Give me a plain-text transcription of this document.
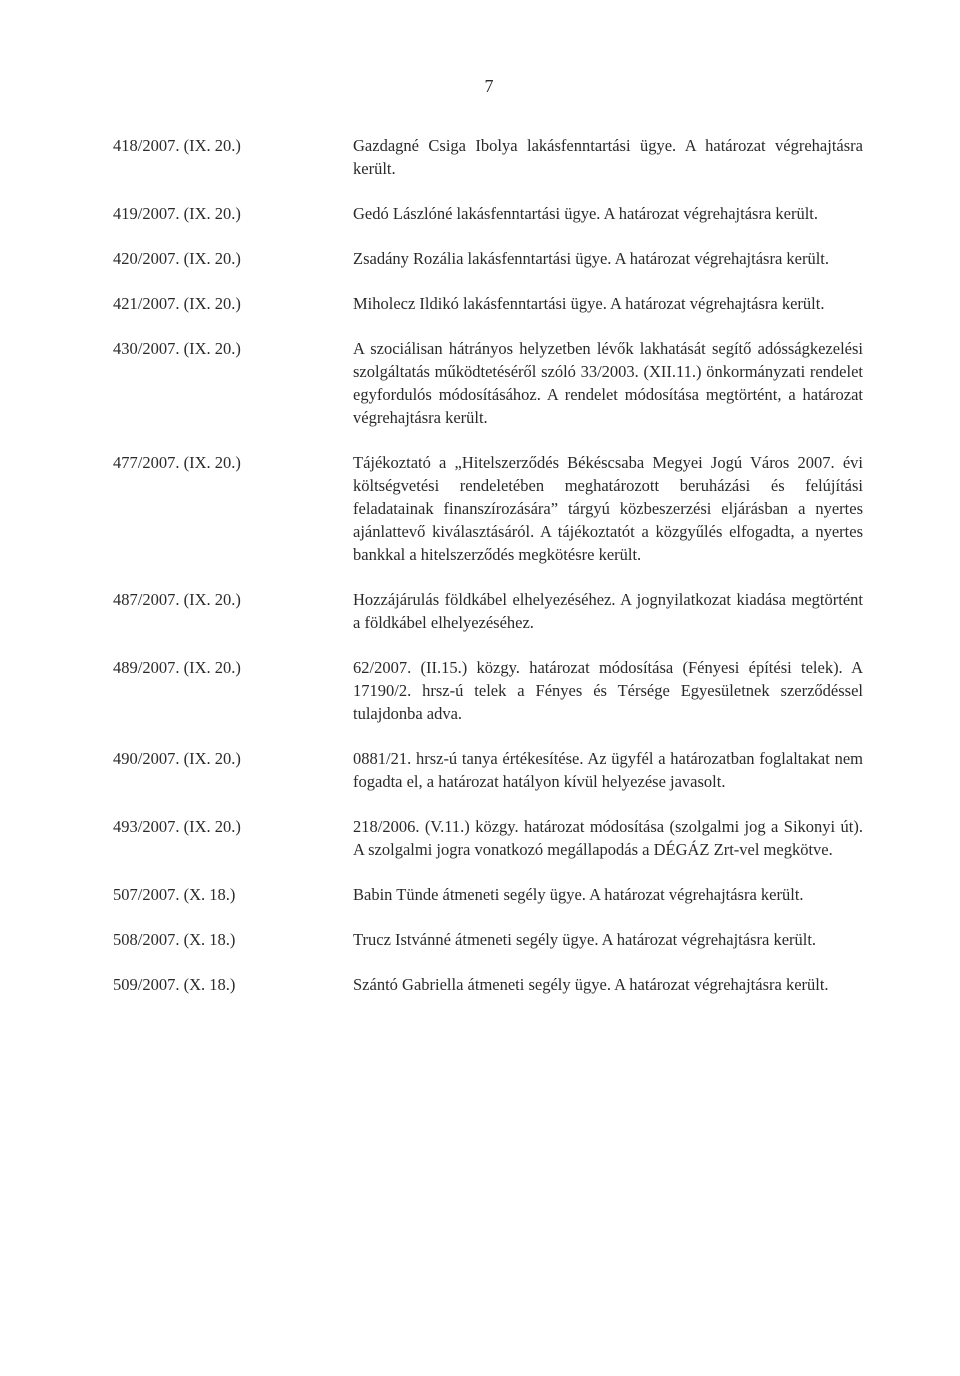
7
418/2007. (IX. 20.)	Gazdagné Csiga Ibolya lakásfenntartási ügye. A határozat végrehajtásra került.
419/2007. (IX. 20.)	Gedó Lászlóné lakásfenntartási ügye. A határozat végrehajtásra került.
420/2007. (IX. 20.)	Zsadány Rozália lakásfenntartási ügye. A határozat végrehajtásra került.
421/2007. (IX. 20.)	Miholecz Ildikó lakásfenntartási ügye. A határozat végrehajtásra került.
430/2007. (IX. 20.)	A szociálisan hátrányos helyzetben lévők lakhatását segítő adósságkezelési szolgáltatás működtetéséről szóló 33/2003. (XII.11.) önkormányzati rendelet egyfordulós módosításához. A rendelet módosítása megtörtént, a határozat végrehajtásra került.
477/2007. (IX. 20.)	Tájékoztató a „Hitelszerződés Békéscsaba Megyei Jogú Város 2007. évi költségvetési rendeletében meghatározott beruházási és felújítási feladatainak finanszírozására” tárgyú közbeszerzési eljárásban a nyertes ajánlattevő kiválasztásáról. A tájékoztatót a közgyűlés elfogadta, a nyertes bankkal a hitelszerződés megkötésre került.
487/2007. (IX. 20.)	Hozzájárulás földkábel elhelyezéséhez. A jognyilatkozat kiadása megtörtént a földkábel elhelyezéséhez.
489/2007. (IX. 20.)	62/2007. (II.15.) közgy. határozat módosítása (Fényesi építési telek). A 17190/2. hrsz-ú telek a Fényes és Térsége Egyesületnek szerződéssel tulajdonba adva.
490/2007. (IX. 20.)	0881/21. hrsz-ú tanya értékesítése. Az ügyfél a határozatban foglaltakat nem fogadta el, a határozat hatályon kívül helyezése javasolt.
493/2007. (IX. 20.)	218/2006. (V.11.) közgy. határozat módosítása (szolgalmi jog a Sikonyi út). A szolgalmi jogra vonatkozó megállapodás a DÉGÁZ Zrt-vel megkötve.
507/2007. (X. 18.)	Babin Tünde átmeneti segély ügye. A határozat végrehajtásra került.
508/2007. (X. 18.)	Trucz Istvánné átmeneti segély ügye. A határozat végrehajtásra került.
509/2007. (X. 18.)	Szántó Gabriella átmeneti segély ügye. A határozat végrehajtásra került.
